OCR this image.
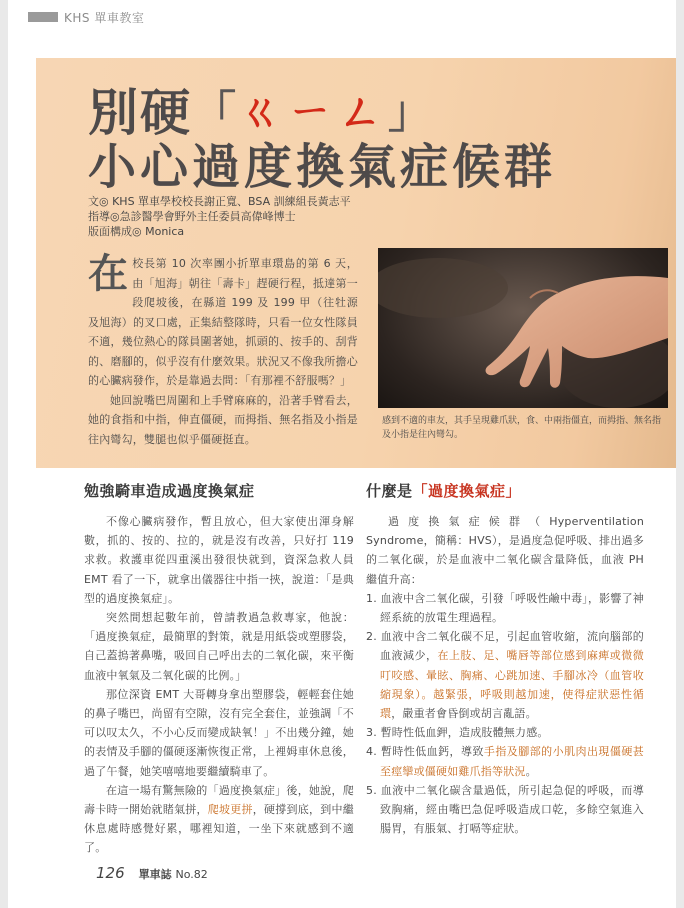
KHS 單車教室
別硬 「 ㄍㄧㄥ 」
小心過度換氣症候群
文◎ KHS 單車學校校長謝正寬、BSA 訓練組長黃志平
指導◎急診醫學會野外主任委員高偉峰博士
版面構成◎ Monica
在 校長第 10 次率團小折單車環島的第 6 天，由「旭海」朝往「壽卡」趕硬行程，抵達第一段爬坡後，在縣道 199 及 199 甲（往牡源及旭海）的叉口處，正集結整隊時，只看一位女性隊員不適，幾位熱心的隊員圍著她，抓頭的、按手的、刮背的、磨腳的，似乎沒有什麼效果。狀況又不像我所擔心的心臟病發作，於是靠過去問：「有那裡不舒服嗎？」

她回說嘴巴周圍和上手臂麻麻的，沿著手臂看去，她的食指和中指，伸直僵硬，而拇指、無名指及小指是往內彎勾，雙腿也似乎僵硬挺直。

感到不適的車友，其手呈現雞爪狀，食、中兩指僵直，而拇指、無名指及小指是往內彎勾。
勉強騎車造成過度換氣症

不像心臟病發作，暫且放心，但大家使出渾身解數，抓的、按的、拉的，就是沒有改善，只好打 119 求救。救護車從四重溪出發很快就到，資深急救人員 EMT 看了一下，就拿出儀器往中指一挾，說道：「是典型的過度換氣症」。

突然間想起數年前，曾請教過急救專家，他說：「過度換氣症，最簡單的對策，就是用紙袋或塑膠袋，自己蓋摀著鼻嘴，吸回自己呼出去的二氧化碳，來平衡血液中氧氣及二氧化碳的比例。」

那位深資 EMT 大哥轉身拿出塑膠袋，輕輕套住她的鼻子嘴巴，尚留有空隙，沒有完全套住，並強調「不可以叹太久，不小心反而變成缺氧！」不出幾分鐘，她的表情及手腳的僵硬逐漸恢復正常，上裡姆車休息後，過了午餐，她笑嘻嘻地要繼續騎車了。

在這一場有驚無險的「過度換氣症」後，她說，爬壽卡時一開始就賭氣拼，爬坡更拼，硬撐到底，到中繼休息處時感覺好累，哪裡知道，一坐下來就感到不適了。

什麼是「過度換氣症」

過度換氣症候群（Hyperventilation Syndrome，簡稱：HVS），是過度急促呼吸、排出過多的二氧化碳，於是血液中二氧化碳含量降低，血液 PH 繼值升高：

1. 血液中含二氧化碳，引發「呼吸性鹼中毒」，影響了神經系統的放電生理過程。
2. 血液中含二氧化碳不足，引起血管收縮，流向腦部的血液減少，在上肢、足、嘴唇等部位感到麻痺或微微叮咬感、暈眩、胸痛、心跳加速、手腳冰冷（血管收縮現象）。越緊張，呼吸則越加速，使得症狀惡性循環，嚴重者會昏倒或胡言亂語。
3. 暫時性低血鉀，造成肢體無力感。
4. 暫時性低血鈣，導致手指及腳部的小肌肉出現僵硬甚至痙攣或僵硬如雞爪指等狀況。
5. 血液中二氧化碳含量過低，所引起急促的呼吸，而導致胸痛，經由嘴巴急促呼吸造成口乾，多餘空氣進入腸胃，有脹氣、打嗝等症狀。
126 單車誌 No.82
